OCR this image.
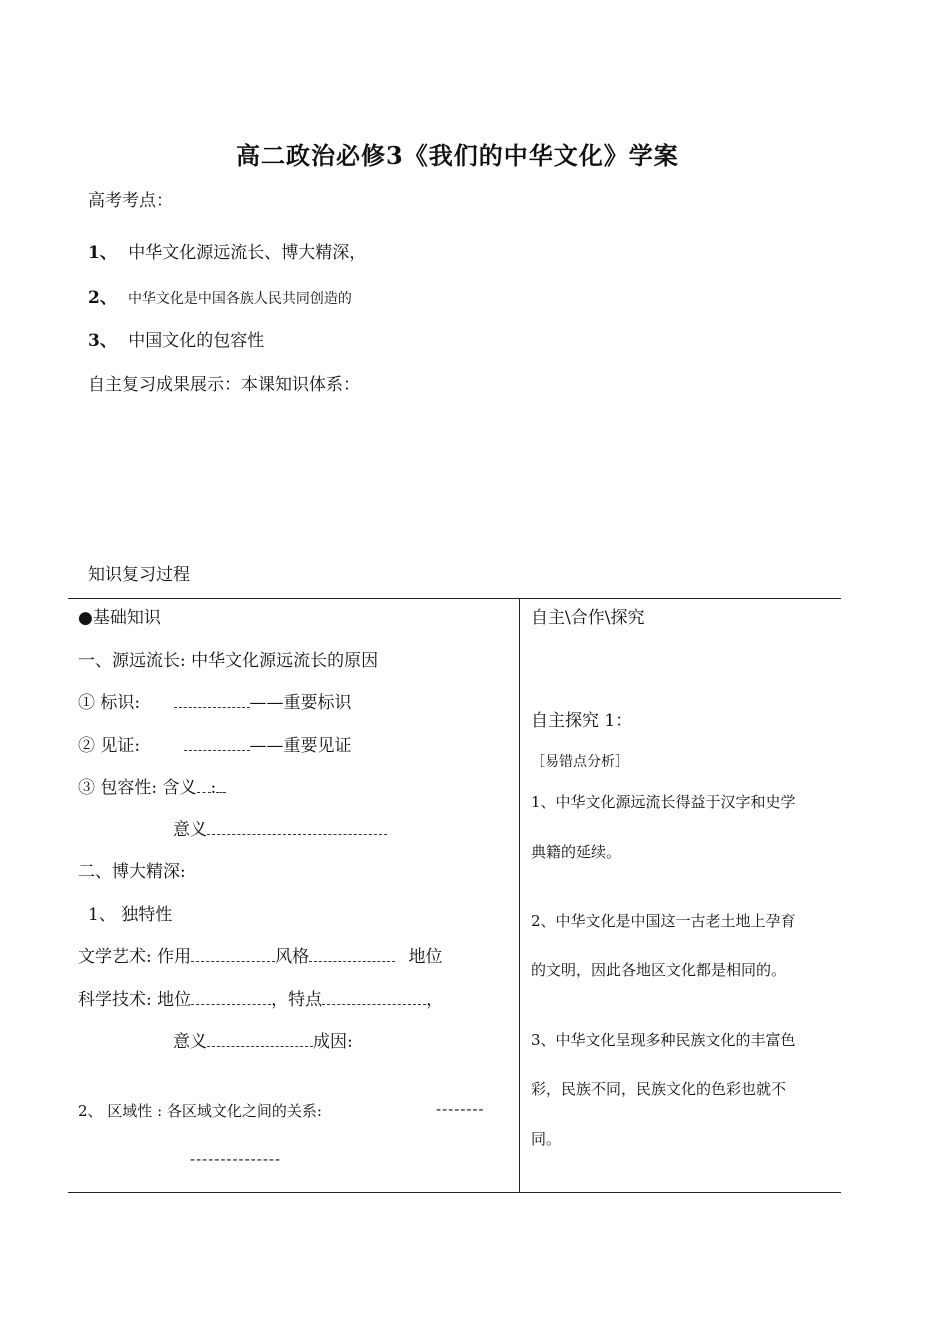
高二政治必修3《我们的中华文化》学案
高考考点：
1、 中华文化源远流长、博大精深，
2、 中华文化是中国各族人民共同创造的
3、 中国文化的包容性
自主复习成果展示：本课知识体系：
知识复习过程
●基础知识
一、源远流长: 中华文化源远流长的原因
① 标识:	——重要标识
② 见证:	——重要见证
③ 包容性: 含义 :
意义
二、博大精深:
1、 独特性
文学艺术: 作用	风格	地位
科学技术: 地位	，特点	，
意义	成因:
2、 区域性 : 各区域文化之间的关系:	--------
---------------
自主\合作\探究
自主探究 1：
［易错点分析］
1、中华文化源远流长得益于汉字和史学
典籍的延续。
2、中华文化是中国这一古老土地上孕育
的文明，因此各地区文化都是相同的。
3、中华文化呈现多种民族文化的丰富色
彩，民族不同，民族文化的色彩也就不
同。
